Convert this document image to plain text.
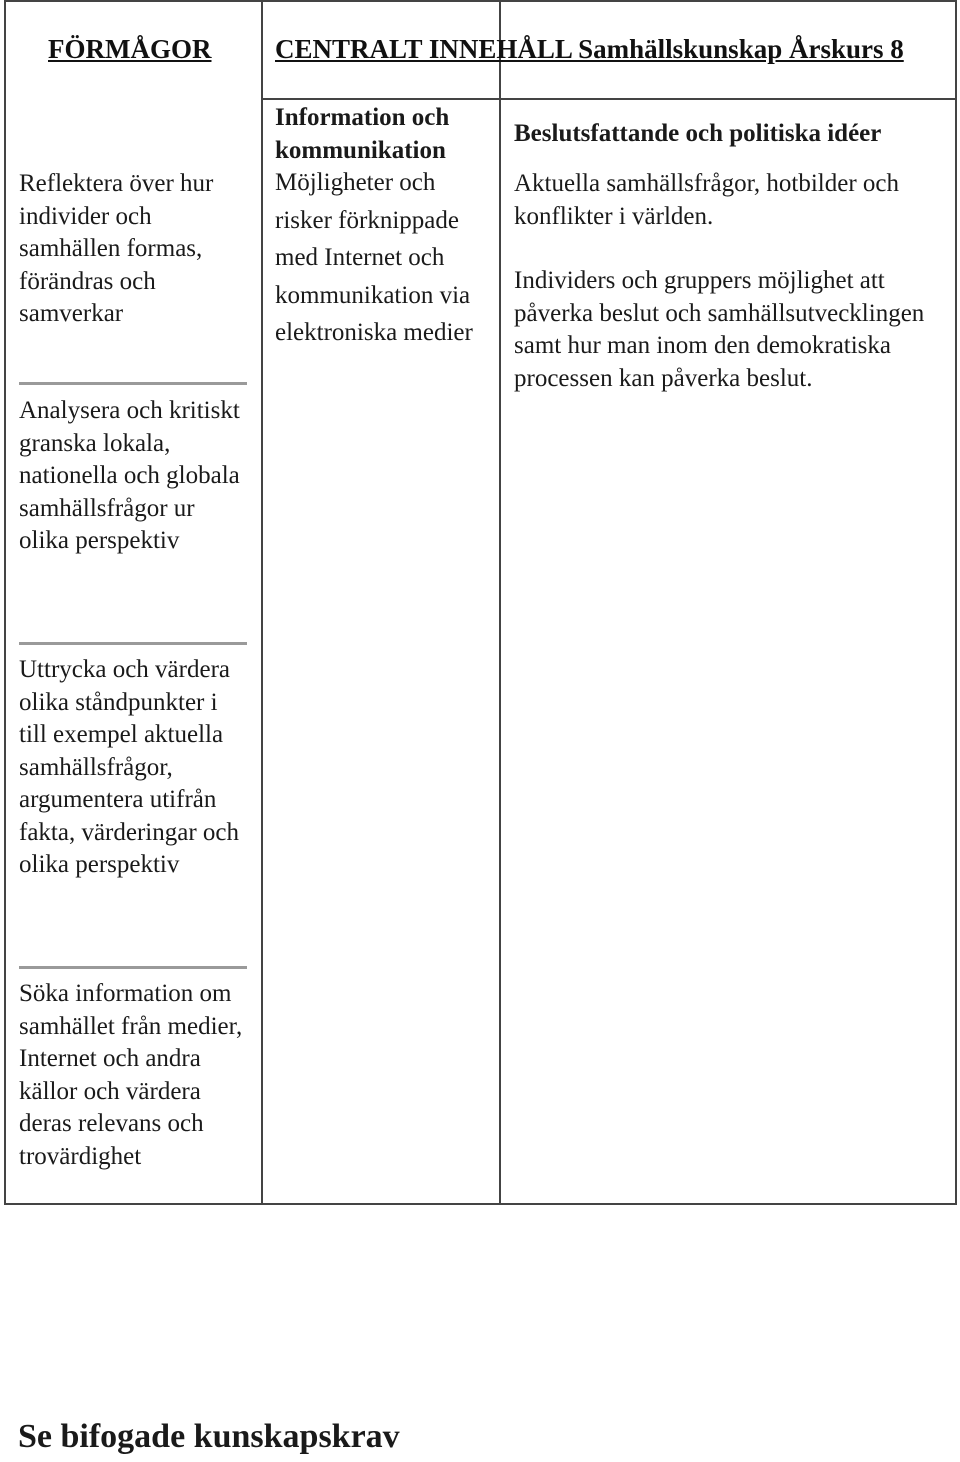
FÖRMÅGOR CENTRALT INNEHÅLL Samhällskunskap Årskurs 8

Reflektera över hur individer och samhällen formas, förändras och samverkar

Analysera och kritiskt granska lokala, nationella och globala samhällsfrågor ur olika perspektiv

Uttrycka och värdera olika ståndpunkter i till exempel aktuella samhällsfrågor, argumentera utifrån fakta, värderingar och olika perspektiv

Söka information om samhället från medier, Internet och andra källor och värdera deras relevans och trovärdighet

Information och kommunikation

Möjligheter och risker förknippade med Internet och kommunikation via elektroniska medier

Beslutsfattande och politiska idéer

Aktuella samhällsfrågor, hotbilder och konflikter i världen.

Individers och gruppers möjlighet att påverka beslut och samhällsutvecklingen samt hur man inom den demokratiska processen kan påverka beslut.

Se bifogade kunskapskrav
